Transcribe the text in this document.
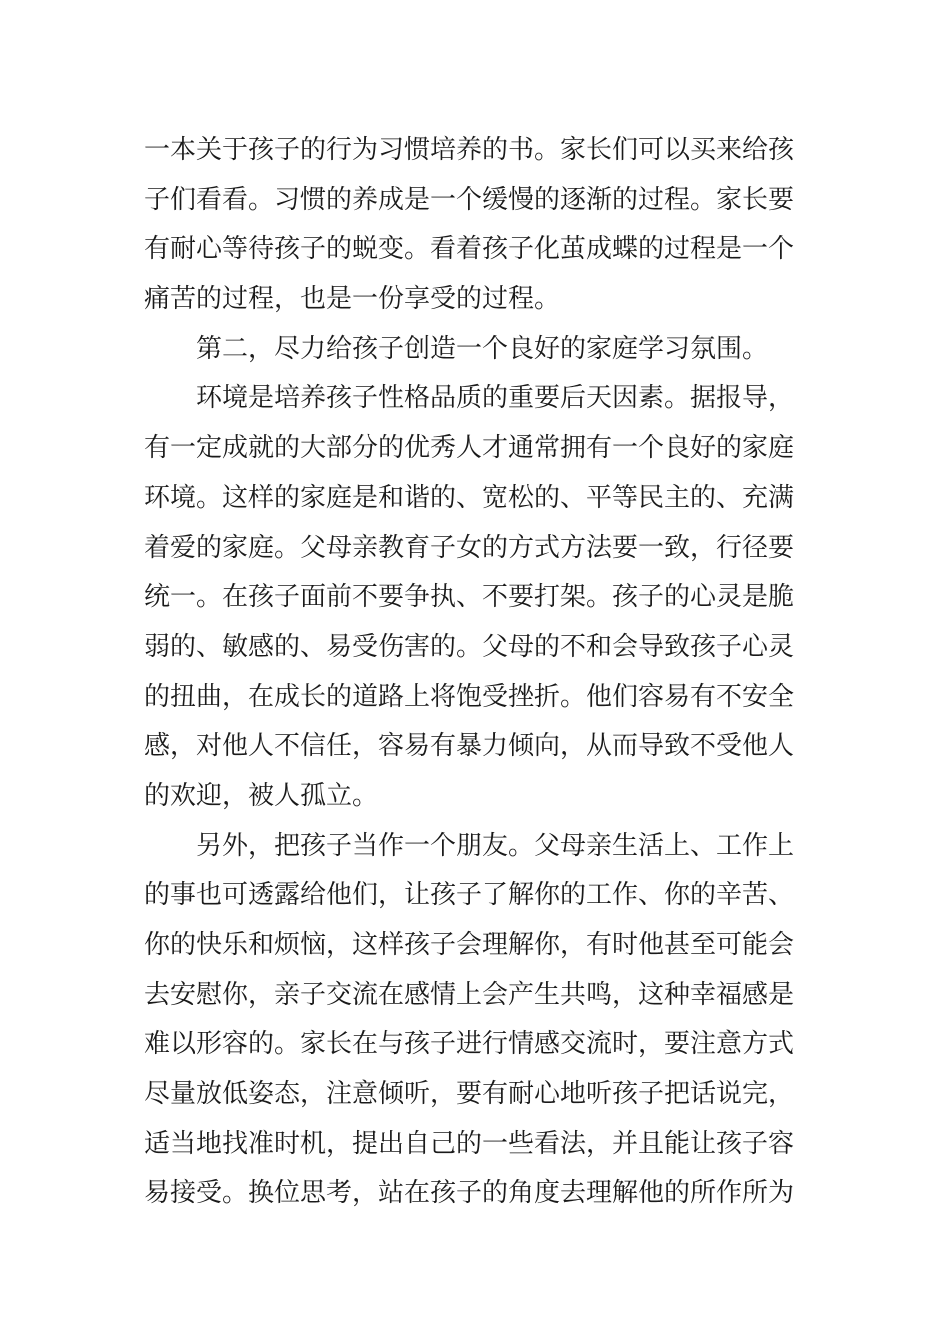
一本关于孩子的行为习惯培养的书。家长们可以买来给孩
子们看看。习惯的养成是一个缓慢的逐渐的过程。家长要
有耐心等待孩子的蜕变。看着孩子化茧成蝶的过程是一个
痛苦的过程，也是一份享受的过程。
第二，尽力给孩子创造一个良好的家庭学习氛围。
环境是培养孩子性格品质的重要后天因素。据报导，
有一定成就的大部分的优秀人才通常拥有一个良好的家庭
环境。这样的家庭是和谐的、宽松的、平等民主的、充满
着爱的家庭。父母亲教育子女的方式方法要一致，行径要
统一。在孩子面前不要争执、不要打架。孩子的心灵是脆
弱的、敏感的、易受伤害的。父母的不和会导致孩子心灵
的扭曲，在成长的道路上将饱受挫折。他们容易有不安全
感，对他人不信任，容易有暴力倾向，从而导致不受他人
的欢迎，被人孤立。
另外，把孩子当作一个朋友。父母亲生活上、工作上
的事也可透露给他们，让孩子了解你的工作、你的辛苦、
你的快乐和烦恼，这样孩子会理解你，有时他甚至可能会
去安慰你，亲子交流在感情上会产生共鸣，这种幸福感是
难以形容的。家长在与孩子进行情感交流时，要注意方式
尽量放低姿态，注意倾听，要有耐心地听孩子把话说完，
适当地找准时机，提出自己的一些看法，并且能让孩子容
易接受。换位思考，站在孩子的角度去理解他的所作所为
